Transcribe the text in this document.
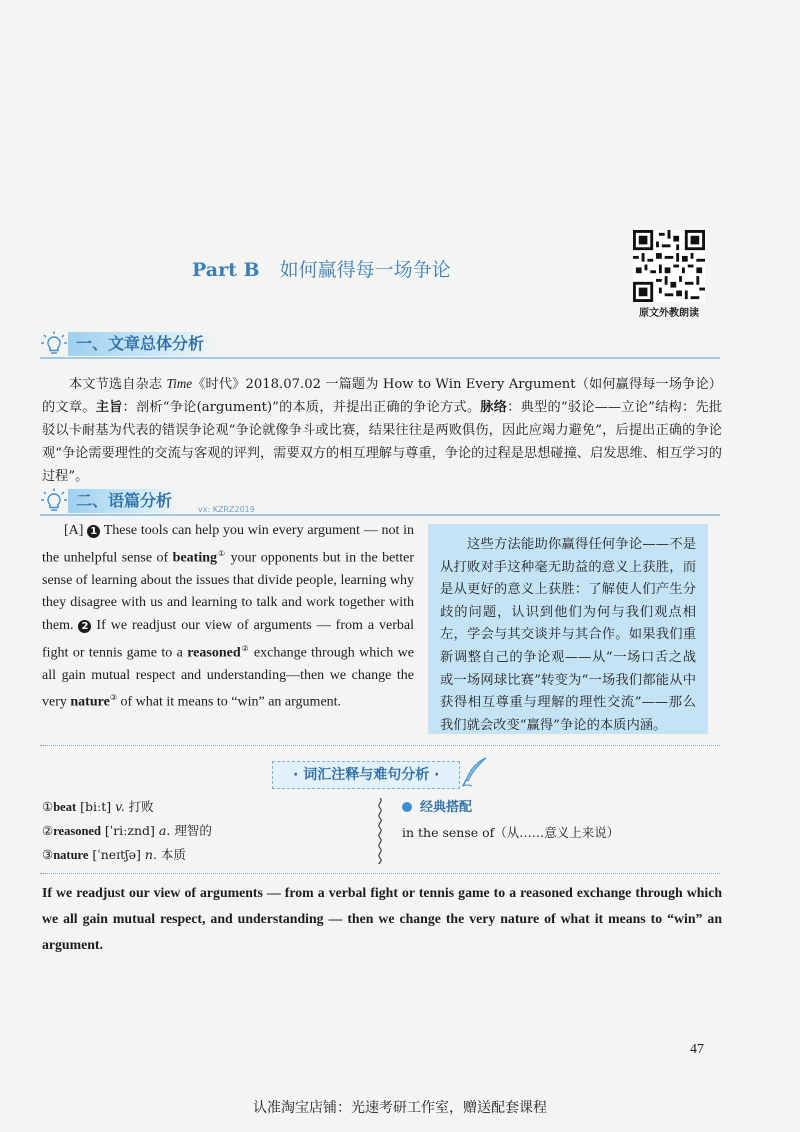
Part B 如何赢得每一场争论
原文外教朗读
一、文章总体分析
本文节选自杂志 Time《时代》2018.07.02 一篇题为 How to Win Every Argument（如何赢得每一场争论）的文章。主旨：剖析“争论(argument)”的本质，并提出正确的争论方式。脉络：典型的“驳论——立论”结构：先批驳以卡耐基为代表的错误争论观“争论就像争斗或比赛，结果往往是两败俱伤，因此应竭力避免”，后提出正确的争论观“争论需要理性的交流与客观的评判，需要双方的相互理解与尊重，争论的过程是思想碰撞、启发思维、相互学习的过程”。
二、语篇分析	vx: KZRZ2019
[A] 1 These tools can help you win every argument — not in the unhelpful sense of beating① your opponents but in the better sense of learning about the issues that divide people, learning why they disagree with us and learning to talk and work together with them. 2 If we readjust our view of arguments — from a verbal fight or tennis game to a reasoned② exchange through which we all gain mutual respect and understanding—then we change the very nature③ of what it means to “win” an argument.
这些方法能助你赢得任何争论——不是从打败对手这种毫无助益的意义上获胜，而是从更好的意义上获胜：了解使人们产生分歧的问题，认识到他们为何与我们观点相左，学会与其交谈并与其合作。如果我们重新调整自己的争论观——从“一场口舌之战或一场网球比赛”转变为“一场我们都能从中获得相互尊重与理解的理性交流”——那么我们就会改变“赢得”争论的本质内涵。
· 词汇注释与难句分析 ·
①beat [biːt] v. 打败
②reasoned [ˈriːznd] a. 理智的
③nature [ˈneɪtʃə] n. 本质
经典搭配
in the sense of（从……意义上来说）
If we readjust our view of arguments — from a verbal fight or tennis game to a reasoned exchange through which we all gain mutual respect, and understanding — then we change the very nature of what it means to “win” an argument.
47
认准淘宝店铺：光速考研工作室，赠送配套课程
